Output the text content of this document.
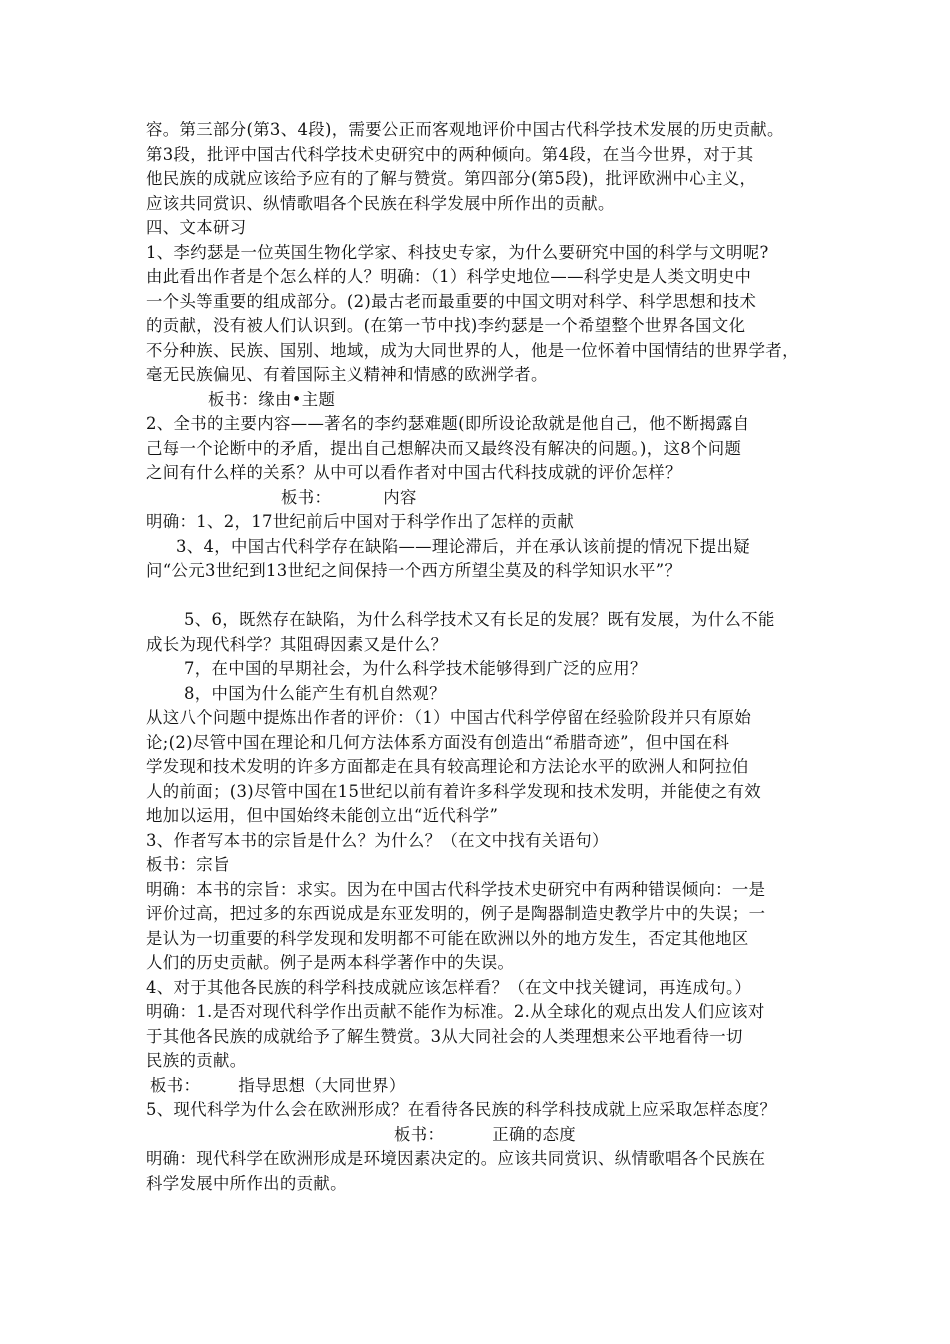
容。第三部分(第3、4段)，需要公正而客观地评价中国古代科学技术发展的历史贡献。
第3段，批评中国古代科学技术史研究中的两种倾向。第4段，在当今世界，对于其
他民族的成就应该给予应有的了解与赞赏。第四部分(第5段)，批评欧洲中心主义，
应该共同赏识、纵情歌唱各个民族在科学发展中所作出的贡献。
四、文本研习
1、李约瑟是一位英国生物化学家、科技史专家，为什么要研究中国的科学与文明呢?
由此看出作者是个怎么样的人？明确：（1）科学史地位——科学史是人类文明史中
一个头等重要的组成部分。(2)最古老而最重要的中国文明对科学、科学思想和技术
的贡献，没有被人们认识到。(在第一节中找)李约瑟是一个希望整个世界各国文化
不分种族、民族、国别、地域，成为大同世界的人，他是一位怀着中国情结的世界学者，
毫无民族偏见、有着国际主义精神和情感的欧洲学者。
板书：缘由•主题
2、全书的主要内容——著名的李约瑟难题(即所设论敌就是他自己，他不断揭露自
己每一个论断中的矛盾，提出自己想解决而又最终没有解决的问题。)，这8个问题
之间有什么样的关系？从中可以看作者对中国古代科技成就的评价怎样？
板书：	内容
明确：1、2，17世纪前后中国对于科学作出了怎样的贡献
3、4，中国古代科学存在缺陷——理论滞后，并在承认该前提的情况下提出疑
问“公元3世纪到13世纪之间保持一个西方所望尘莫及的科学知识水平”？
5、6，既然存在缺陷，为什么科学技术又有长足的发展？既有发展，为什么不能
成长为现代科学？其阻碍因素又是什么？
7，在中国的早期社会，为什么科学技术能够得到广泛的应用？
8，中国为什么能产生有机自然观？
从这八个问题中提炼出作者的评价：（1）中国古代科学停留在经验阶段并只有原始
论;(2)尽管中国在理论和几何方法体系方面没有创造出“希腊奇迹”，但中国在科
学发现和技术发明的许多方面都走在具有较高理论和方法论水平的欧洲人和阿拉伯
人的前面；(3)尽管中国在15世纪以前有着许多科学发现和技术发明，并能使之有效
地加以运用，但中国始终未能创立出“近代科学”
3、作者写本书的宗旨是什么？为什么？（在文中找有关语句）
板书：宗旨
明确：本书的宗旨：求实。因为在中国古代科学技术史研究中有两种错误倾向：一是
评价过高，把过多的东西说成是东亚发明的，例子是陶器制造史教学片中的失误；一
是认为一切重要的科学发现和发明都不可能在欧洲以外的地方发生，否定其他地区
人们的历史贡献。例子是两本科学著作中的失误。
4、对于其他各民族的科学科技成就应该怎样看？（在文中找关键词，再连成句。）
明确：1.是否对现代科学作出贡献不能作为标准。2.从全球化的观点出发人们应该对
于其他各民族的成就给予了解生赞赏。3从大同社会的人类理想来公平地看待一切
民族的贡献。
板书： 指导思想（大同世界）
5、现代科学为什么会在欧洲形成？在看待各民族的科学科技成就上应采取怎样态度？
板书：	正确的态度
明确：现代科学在欧洲形成是环境因素决定的。应该共同赏识、纵情歌唱各个民族在
科学发展中所作出的贡献。
